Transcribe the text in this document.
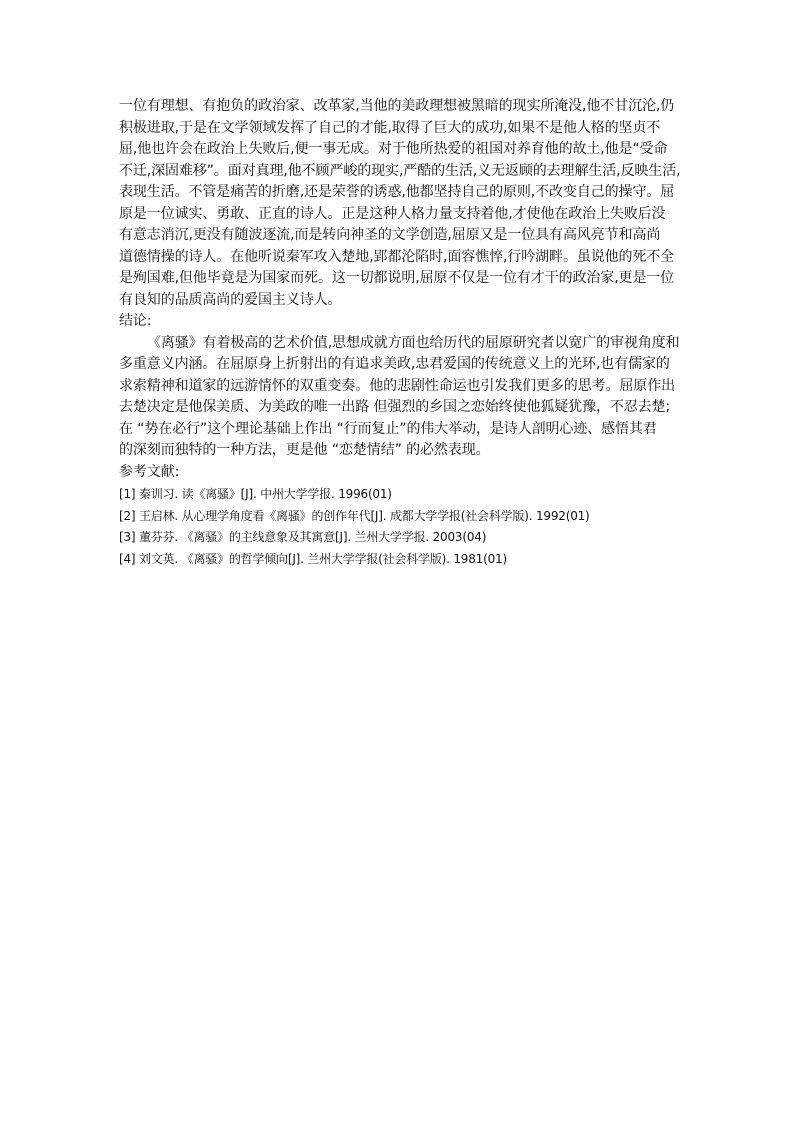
一位有理想、有抱负的政治家、改革家,当他的美政理想被黑暗的现实所淹没,他不甘沉沦,仍
积极进取,于是在文学领域发挥了自己的才能,取得了巨大的成功,如果不是他人格的坚贞不
屈,他也许会在政治上失败后,便一事无成。对于他所热爱的祖国对养育他的故土,他是“受命
不迁,深固难移”。面对真理,他不顾严峻的现实,严酷的生活,义无返顾的去理解生活,反映生活,
表现生活。不管是痛苦的折磨,还是荣誉的诱惑,他都坚持自己的原则,不改变自己的操守。屈
原是一位诚实、勇敢、正直的诗人。正是这种人格力量支持着他,才使他在政治上失败后没
有意志消沉,更没有随波逐流,而是转向神圣的文学创造,屈原又是一位具有高风亮节和高尚
道德情操的诗人。在他听说秦军攻入楚地,郢都沦陷时,面容憔悴,行吟湖畔。虽说他的死不全
是殉国难,但他毕竟是为国家而死。这一切都说明,屈原不仅是一位有才干的政治家,更是一位
有良知的品质高尚的爱国主义诗人。
结论:
《离骚》有着极高的艺术价值,思想成就方面也给历代的屈原研究者以宽广的审视角度和
多重意义内涵。在屈原身上折射出的有追求美政,忠君爱国的传统意义上的光环,也有儒家的
求索精神和道家的远游情怀的双重变奏。他的悲剧性命运也引发我们更多的思考。屈原作出
去楚决定是他保美质、为美政的唯一出路 但强烈的乡国之恋始终使他狐疑犹豫，不忍去楚;
在 “势在必行”这个理论基础上作出 “行而复止”的伟大举动，是诗人剖明心迹、感悟其君
的深刻而独特的一种方法，更是他 “恋楚情结” 的必然表现。
参考文献:
[1] 秦训习. 读《离骚》[J]. 中州大学学报. 1996(01)
[2] 王启林. 从心理学角度看《离骚》的创作年代[J]. 成都大学学报(社会科学版). 1992(01)
[3] 董芬芬. 《离骚》的主线意象及其寓意[J]. 兰州大学学报. 2003(04)
[4] 刘文英. 《离骚》的哲学倾向[J]. 兰州大学学报(社会科学版). 1981(01)
